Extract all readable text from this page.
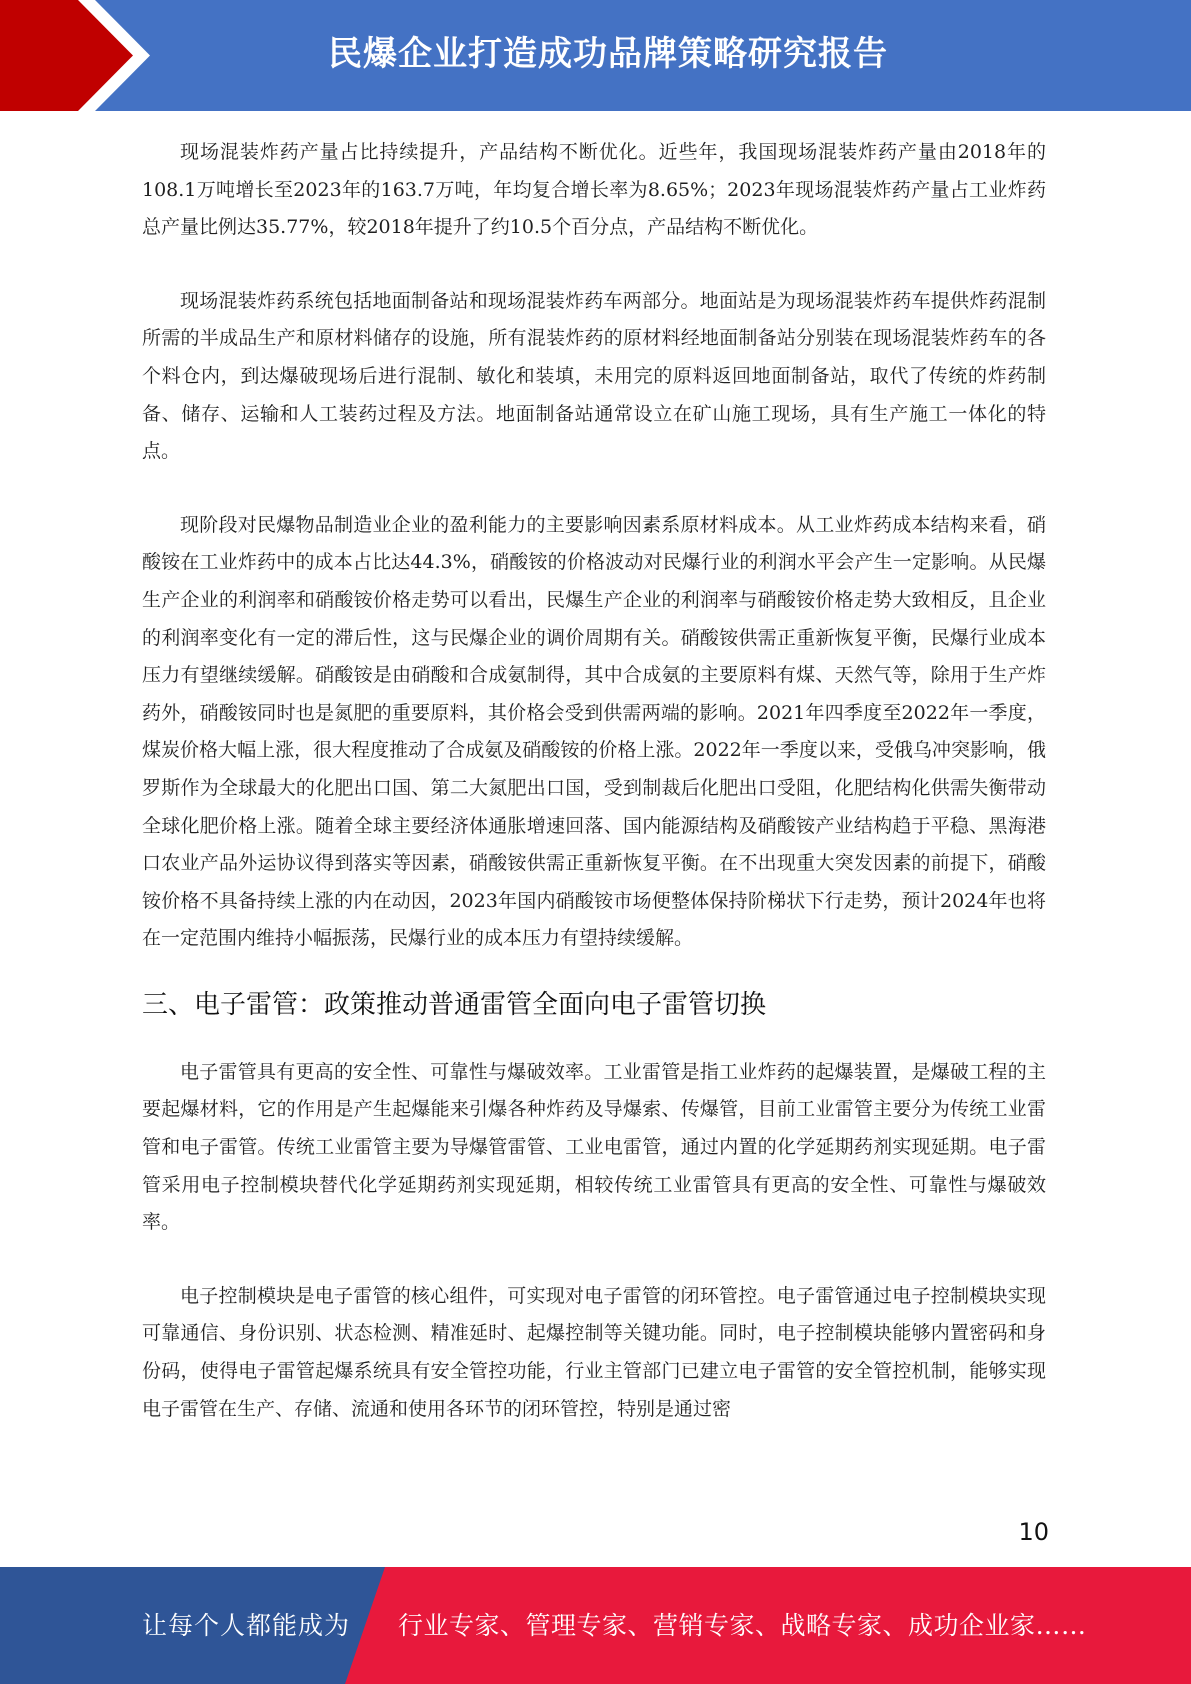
民爆企业打造成功品牌策略研究报告

现场混装炸药产量占比持续提升，产品结构不断优化。近些年，我国现场混装炸药产量由2018年的108.1万吨增长至2023年的163.7万吨，年均复合增长率为8.65%；2023年现场混装炸药产量占工业炸药总产量比例达35.77%，较2018年提升了约10.5个百分点，产品结构不断优化。

现场混装炸药系统包括地面制备站和现场混装炸药车两部分。地面站是为现场混装炸药车提供炸药混制所需的半成品生产和原材料储存的设施，所有混装炸药的原材料经地面制备站分别装在现场混装炸药车的各个料仓内，到达爆破现场后进行混制、敏化和装填，未用完的原料返回地面制备站，取代了传统的炸药制备、储存、运输和人工装药过程及方法。地面制备站通常设立在矿山施工现场，具有生产施工一体化的特点。

现阶段对民爆物品制造业企业的盈利能力的主要影响因素系原材料成本。从工业炸药成本结构来看，硝酸铵在工业炸药中的成本占比达44.3%，硝酸铵的价格波动对民爆行业的利润水平会产生一定影响。从民爆生产企业的利润率和硝酸铵价格走势可以看出，民爆生产企业的利润率与硝酸铵价格走势大致相反，且企业的利润率变化有一定的滞后性，这与民爆企业的调价周期有关。硝酸铵供需正重新恢复平衡，民爆行业成本压力有望继续缓解。硝酸铵是由硝酸和合成氨制得，其中合成氨的主要原料有煤、天然气等，除用于生产炸药外，硝酸铵同时也是氮肥的重要原料，其价格会受到供需两端的影响。2021年四季度至2022年一季度，煤炭价格大幅上涨，很大程度推动了合成氨及硝酸铵的价格上涨。2022年一季度以来，受俄乌冲突影响，俄罗斯作为全球最大的化肥出口国、第二大氮肥出口国，受到制裁后化肥出口受阻，化肥结构化供需失衡带动全球化肥价格上涨。随着全球主要经济体通胀增速回落、国内能源结构及硝酸铵产业结构趋于平稳、黑海港口农业产品外运协议得到落实等因素，硝酸铵供需正重新恢复平衡。在不出现重大突发因素的前提下，硝酸铵价格不具备持续上涨的内在动因，2023年国内硝酸铵市场便整体保持阶梯状下行走势，预计2024年也将在一定范围内维持小幅振荡，民爆行业的成本压力有望持续缓解。

三、电子雷管：政策推动普通雷管全面向电子雷管切换

电子雷管具有更高的安全性、可靠性与爆破效率。工业雷管是指工业炸药的起爆装置，是爆破工程的主要起爆材料，它的作用是产生起爆能来引爆各种炸药及导爆索、传爆管，目前工业雷管主要分为传统工业雷管和电子雷管。传统工业雷管主要为导爆管雷管、工业电雷管，通过内置的化学延期药剂实现延期。电子雷管采用电子控制模块替代化学延期药剂实现延期，相较传统工业雷管具有更高的安全性、可靠性与爆破效率。

电子控制模块是电子雷管的核心组件，可实现对电子雷管的闭环管控。电子雷管通过电子控制模块实现可靠通信、身份识别、状态检测、精准延时、起爆控制等关键功能。同时，电子控制模块能够内置密码和身份码，使得电子雷管起爆系统具有安全管控功能，行业主管部门已建立电子雷管的安全管控机制，能够实现电子雷管在生产、存储、流通和使用各环节的闭环管控，特别是通过密

10
让每个人都能成为 行业专家、管理专家、营销专家、战略专家、成功企业家……
